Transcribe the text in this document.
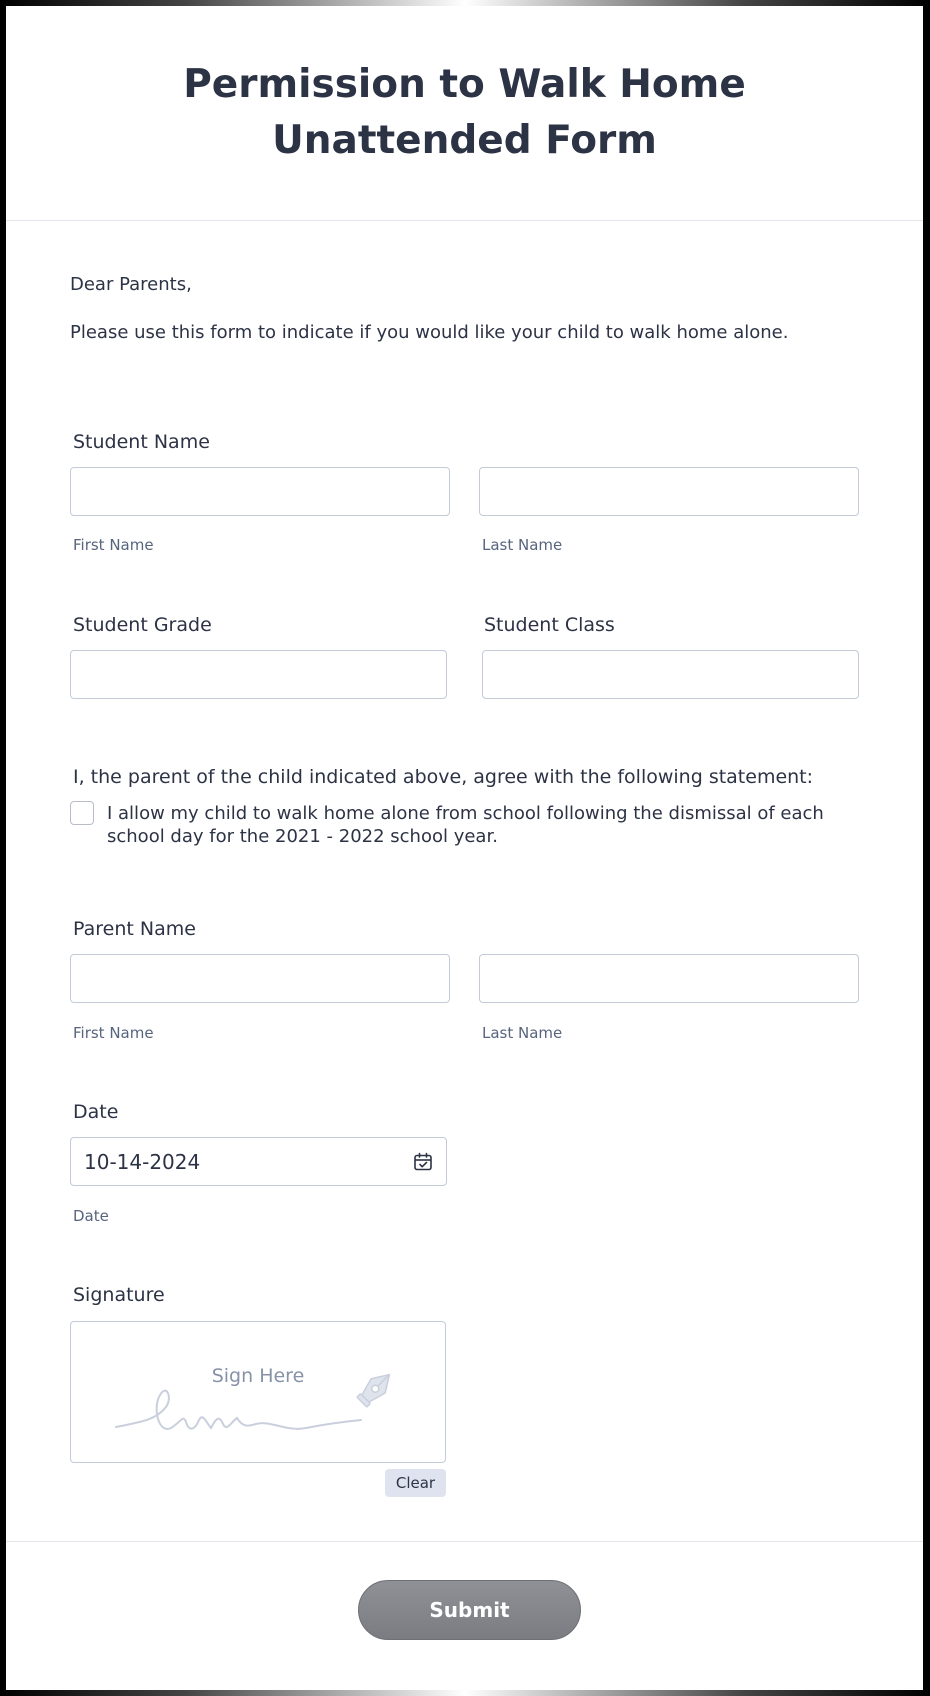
Permission to Walk Home Unattended Form
Dear Parents,
Please use this form to indicate if you would like your child to walk home alone.
Student Name
First Name	Last Name
Student Grade	Student Class
I, the parent of the child indicated above, agree with the following statement:
I allow my child to walk home alone from school following the dismissal of each school day for the 2021 - 2022 school year.
Parent Name
First Name	Last Name
Date
10-14-2024
Date
Signature
Sign Here
Clear
Submit
